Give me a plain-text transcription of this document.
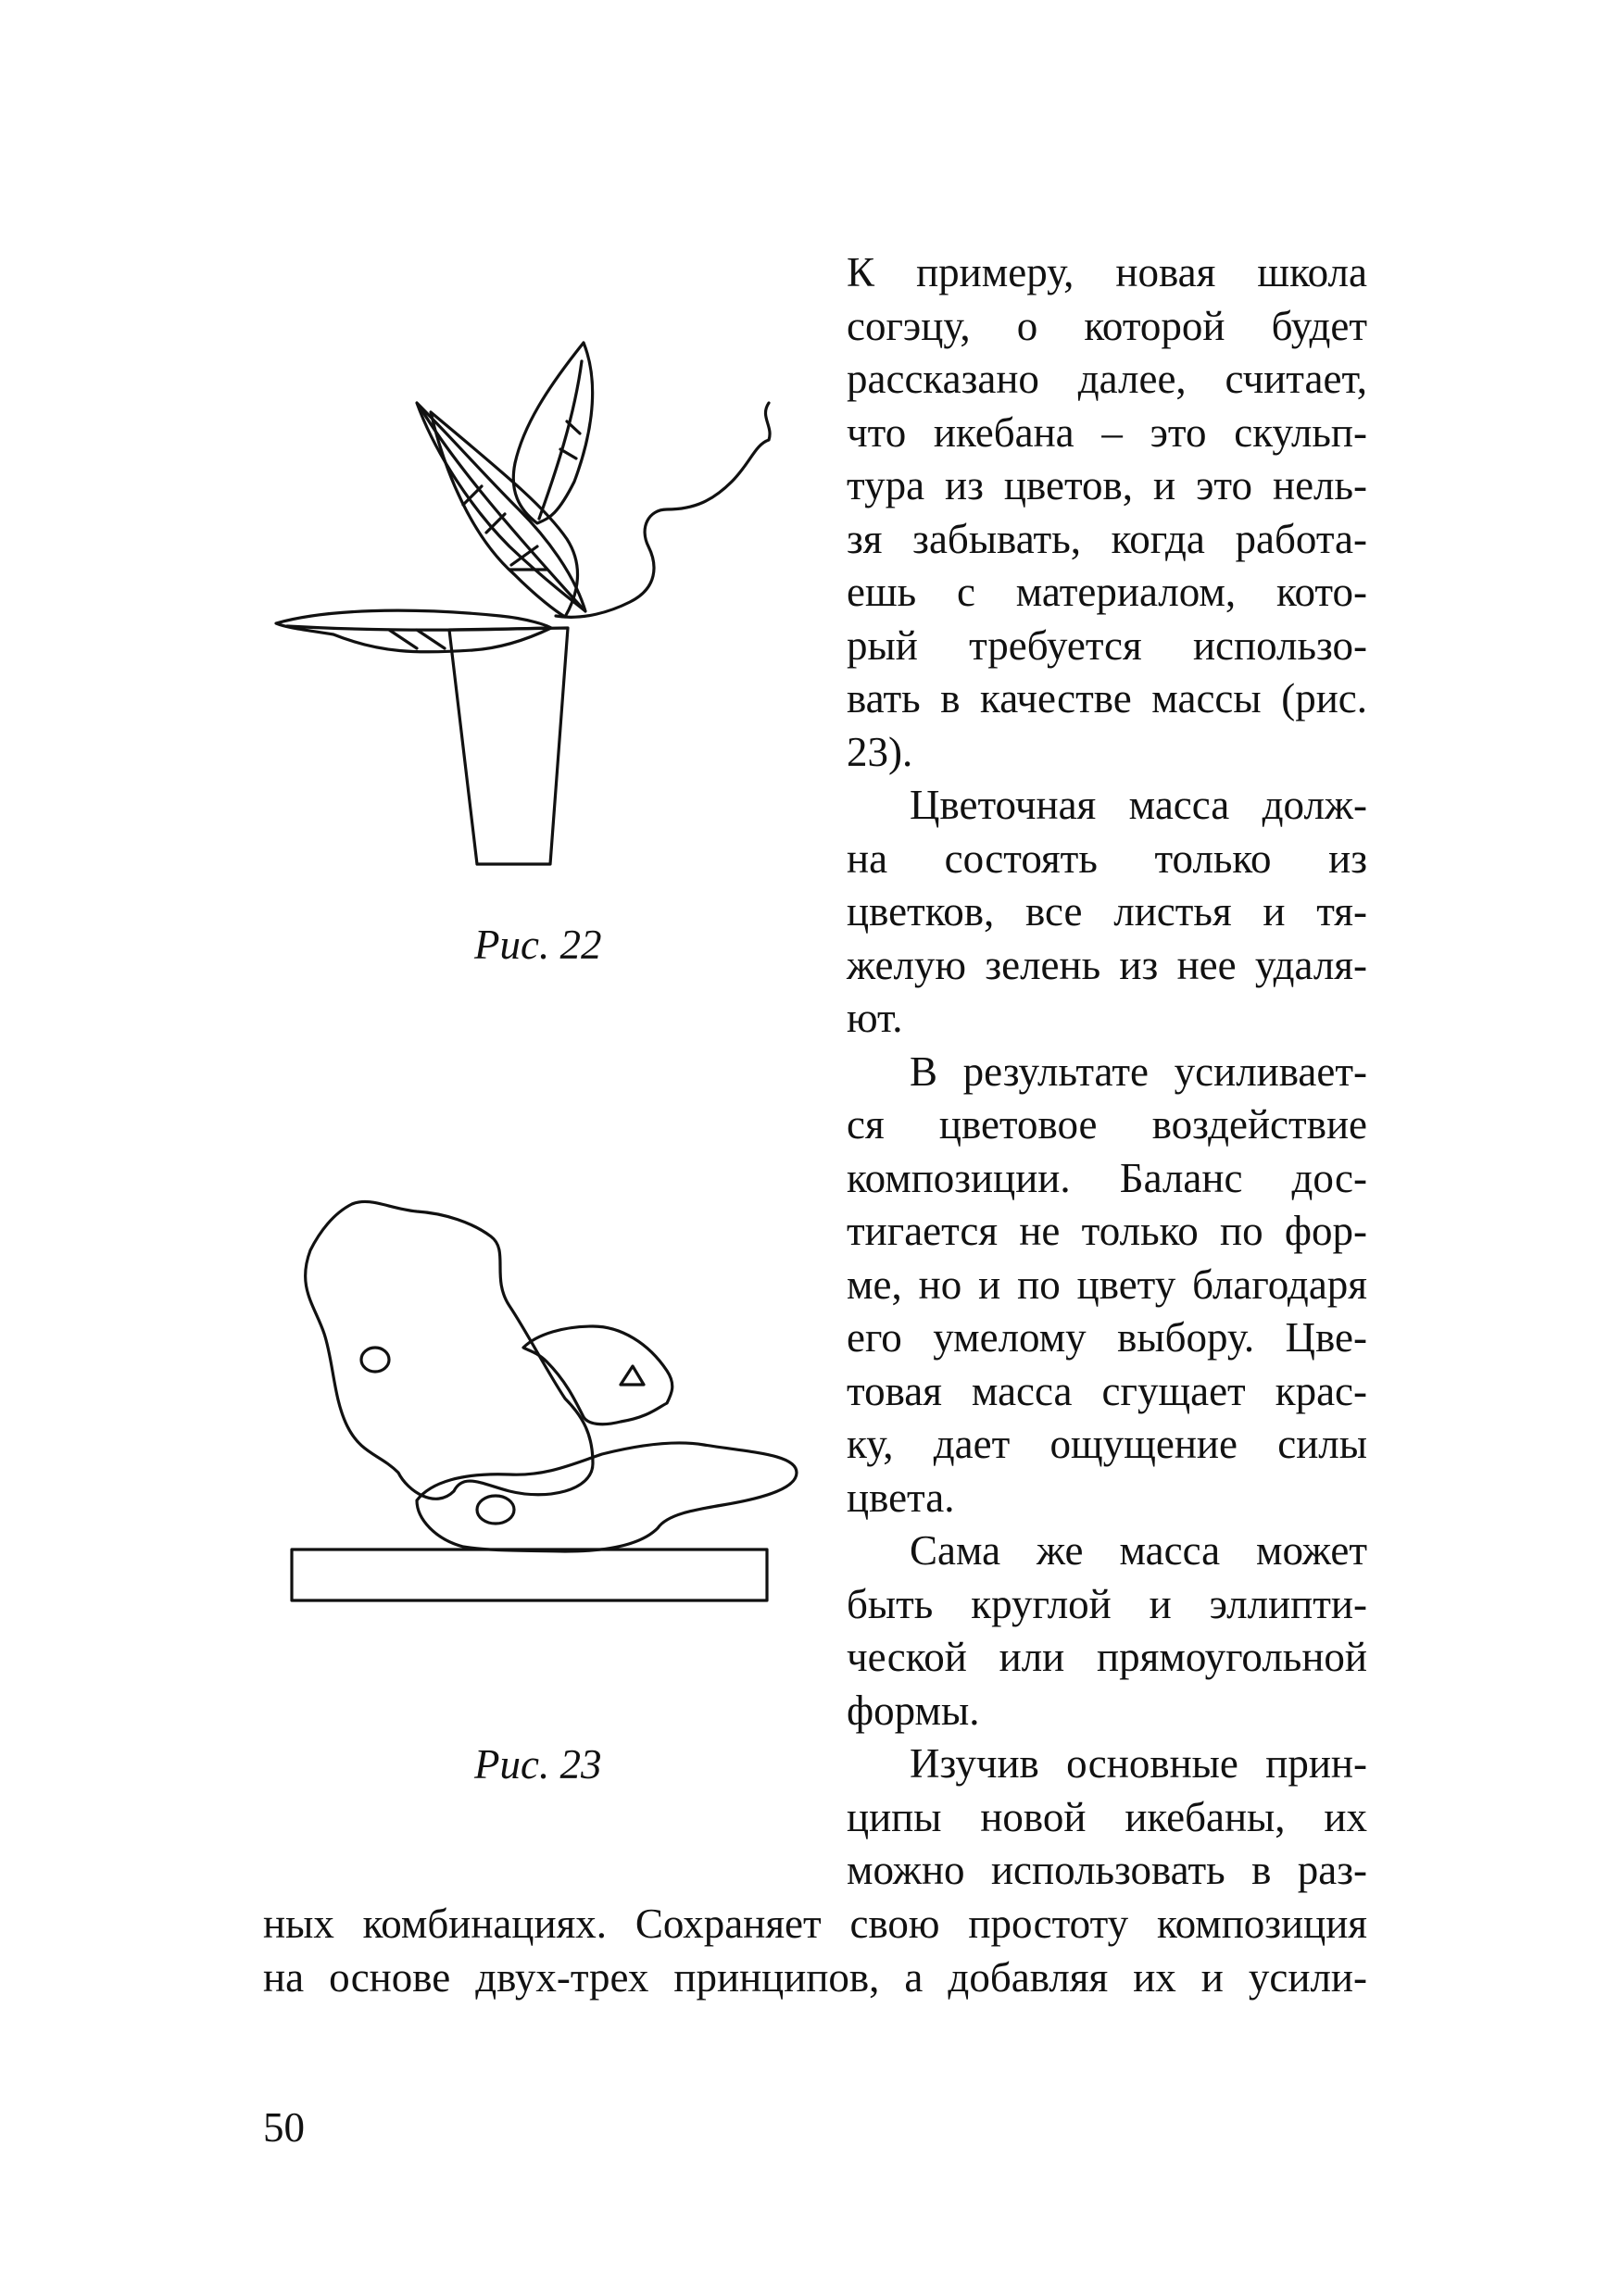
Рис. 22
Рис. 23
К примеру, новая школа
согэцу, о которой будет
рассказано далее, считает,
что икебана – это скульп-
тура из цветов, и это нель-
зя забывать, когда работа-
ешь с материалом, кото-
рый требуется использо-
вать в качестве массы (рис.
23).
Цветочная масса долж-
на состоять только из
цветков, все листья и тя-
желую зелень из нее удаля-
ют.
В результате усиливает-
ся цветовое воздействие
композиции. Баланс дос-
тигается не только по фор-
ме, но и по цвету благодаря
его умелому выбору. Цве-
товая масса сгущает крас-
ку, дает ощущение силы
цвета.
Сама же масса может
быть круглой и эллипти-
ческой или прямоугольной
формы.
Изучив основные прин-
ципы новой икебаны, их
можно использовать в раз-
ных комбинациях. Сохраняет свою простоту композиция
на основе двух-трех принципов, а добавляя их и усили-
50
